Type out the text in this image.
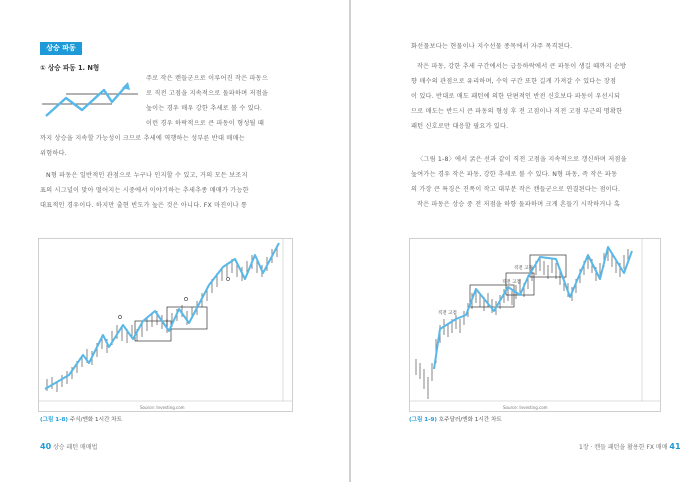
상승 파동
① 상승 파동 1. N형
주로 작은 캔들군으로 이루어진 작은 파동으
로 직전 고점을 지속적으로 돌파하며 저점을
높이는 경우 매우 강한 추세로 볼 수 있다.
이런 경우 하락적으로 큰 파동이 형성될 때
까지 상승을 지속할 가능성이 크므로 추세에 역행하는 성부른 반대 매매는
위험하다.
N형 파동은 일반적인 관점으로 누구나 인지할 수 있고, 거의 모든 보조지
표의 시그널이 맞아 떨어지는 시중에서 이야기하는 추세추종 매매가 가능한
대표적인 경우이다. 하지만 출현 빈도가 높은 것은 아니다. FX 마진이나 통
Source: Investing.com
(그림 1-8) 주식/엔화 1시간 차트
40 상승 패턴 매매법
화선물보다는 현물이나 지수선물 종목에서 자주 목격된다.
작은 파동, 강한 추세 구간에서는 급등하락에서 큰 파동이 생길 때까지 순방
향 매수의 관점으로 유리하며, 수익 구간 또한 길게 가져갈 수 있다는 장점
이 있다. 반대로 매도 패턴에 의한 단편적인 반전 신호보다 파동이 우선시되
므로 매도는 반드시 큰 파동의 형성 후 전 고점이나 직전 고점 부근의 명확한
패턴 신호로만 대응할 필요가 있다.
〈그림 1-8〉에서 굵은 선과 같이 직전 고점을 지속적으로 갱신하며 저점을
높여가는 경우 작은 파동, 강한 추세로 볼 수 있다. N형 파동, 즉 작은 파동
의 가장 큰 특징은 진폭이 작고 대부분 작은 캔들군으로 연결된다는 점이다.
작은 파동은 상승 중 전 저점을 하향 돌파하며 크게 흔들기 시작하거나 혹
직전 고점
직전 고점
직전 고점
Source: Investing.com
(그림 1-9) 호주달러/엔화 1시간 차트
1장 · 캔들 패턴을 활용한 FX 매매 41
